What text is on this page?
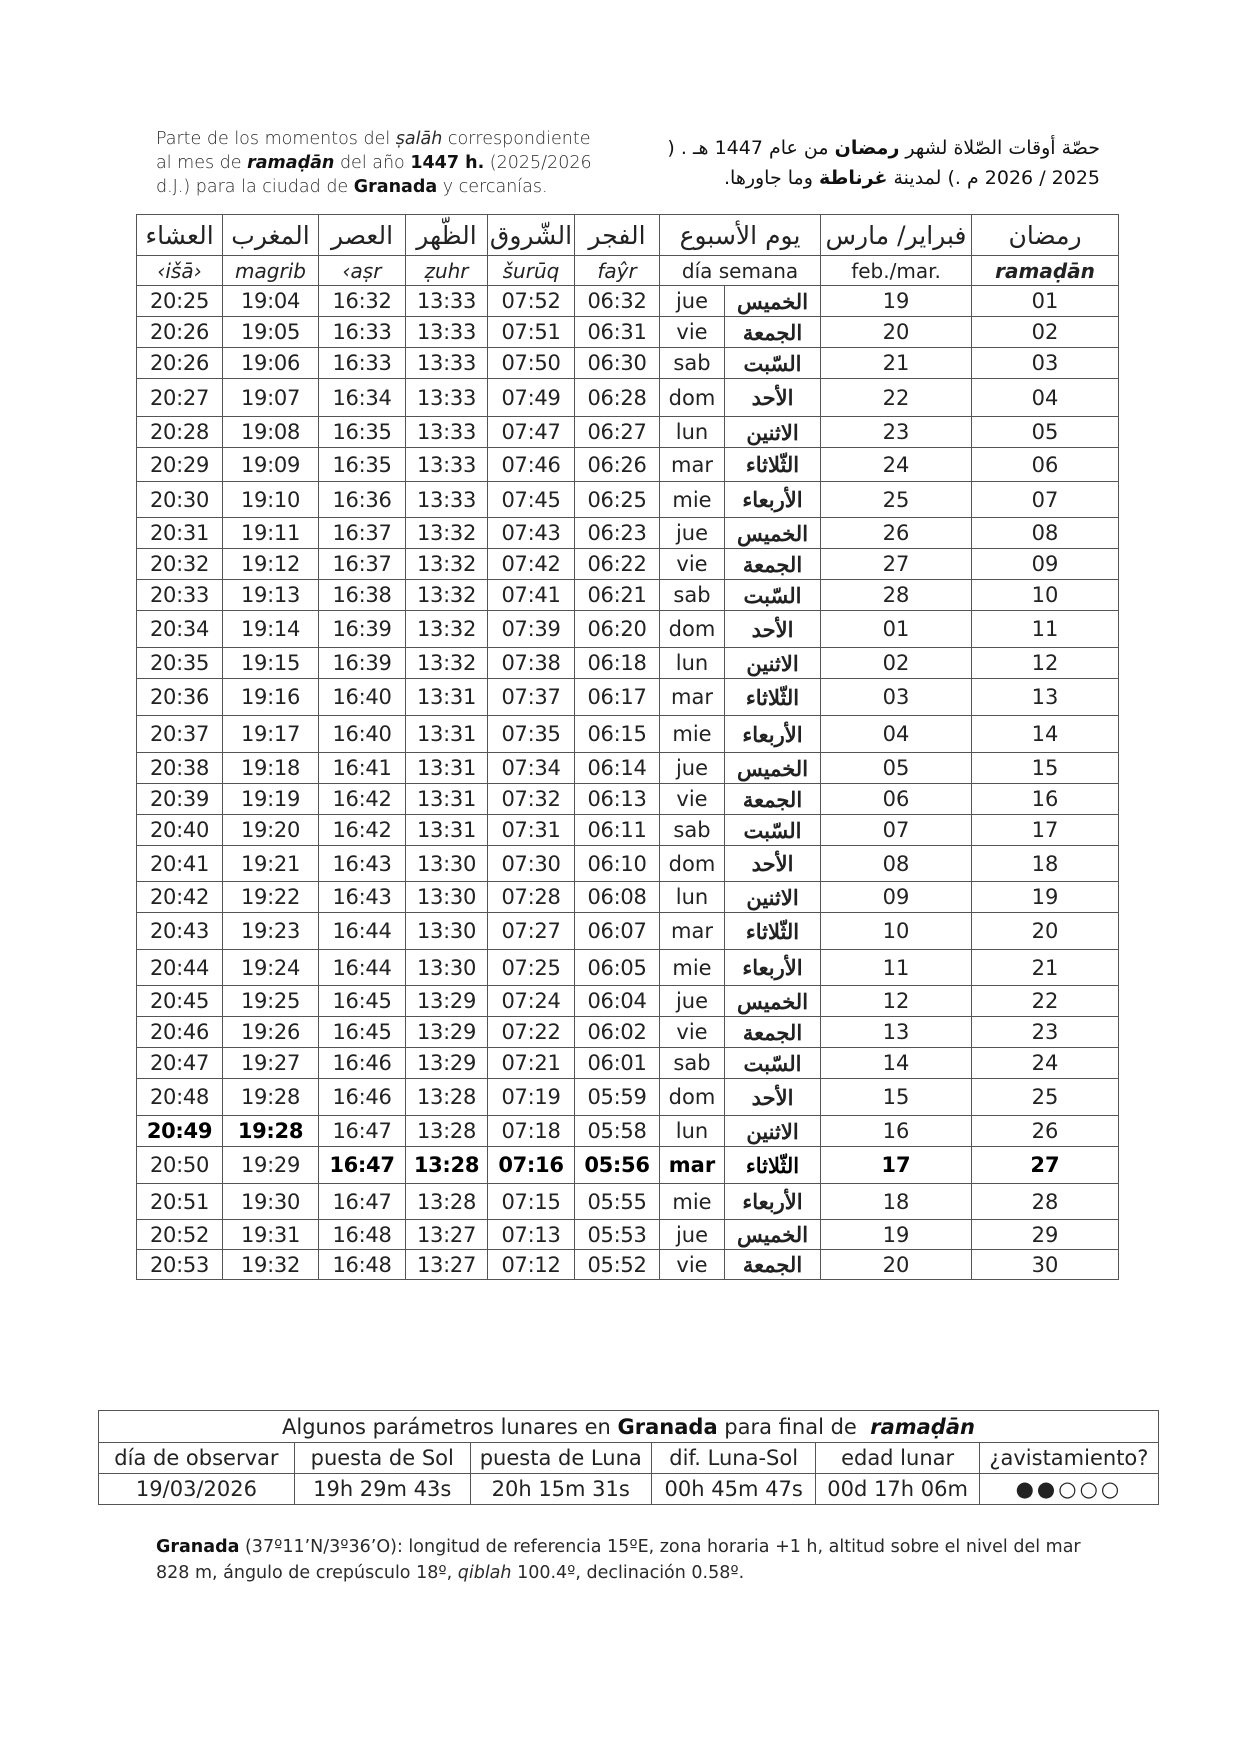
Parte de los momentos del ṣalāh correspondiente al mes de ramaḍān del año 1447 h. (2025/2026 d.J.) para la ciudad de Granada y cercanías.
حصّة أوقات الصّلاة لشهر رمضان من عام 1447 هـ . ( 2025 / 2026 م .) لمدينة غرناطة وما جاورها.
العشاء	المغرب	العصر	الظّهر	الشّروق	الفجر	يوم الأسبوع		فبراير/ مارس	رمضان
‹išā›	magrib	‹aṣr	ẓuhr	šurūq	faŷr	día semana		feb./mar.	ramaḍān
20:25	19:04	16:32	13:33	07:52	06:32	jue	الخميس	19	01
20:26	19:05	16:33	13:33	07:51	06:31	vie	الجمعة	20	02
20:26	19:06	16:33	13:33	07:50	06:30	sab	السّبت	21	03
20:27	19:07	16:34	13:33	07:49	06:28	dom	الأحد	22	04
20:28	19:08	16:35	13:33	07:47	06:27	lun	الاثنين	23	05
20:29	19:09	16:35	13:33	07:46	06:26	mar	الثّلاثاء	24	06
20:30	19:10	16:36	13:33	07:45	06:25	mie	الأربعاء	25	07
20:31	19:11	16:37	13:32	07:43	06:23	jue	الخميس	26	08
20:32	19:12	16:37	13:32	07:42	06:22	vie	الجمعة	27	09
20:33	19:13	16:38	13:32	07:41	06:21	sab	السّبت	28	10
20:34	19:14	16:39	13:32	07:39	06:20	dom	الأحد	01	11
20:35	19:15	16:39	13:32	07:38	06:18	lun	الاثنين	02	12
20:36	19:16	16:40	13:31	07:37	06:17	mar	الثّلاثاء	03	13
20:37	19:17	16:40	13:31	07:35	06:15	mie	الأربعاء	04	14
20:38	19:18	16:41	13:31	07:34	06:14	jue	الخميس	05	15
20:39	19:19	16:42	13:31	07:32	06:13	vie	الجمعة	06	16
20:40	19:20	16:42	13:31	07:31	06:11	sab	السّبت	07	17
20:41	19:21	16:43	13:30	07:30	06:10	dom	الأحد	08	18
20:42	19:22	16:43	13:30	07:28	06:08	lun	الاثنين	09	19
20:43	19:23	16:44	13:30	07:27	06:07	mar	الثّلاثاء	10	20
20:44	19:24	16:44	13:30	07:25	06:05	mie	الأربعاء	11	21
20:45	19:25	16:45	13:29	07:24	06:04	jue	الخميس	12	22
20:46	19:26	16:45	13:29	07:22	06:02	vie	الجمعة	13	23
20:47	19:27	16:46	13:29	07:21	06:01	sab	السّبت	14	24
20:48	19:28	16:46	13:28	07:19	05:59	dom	الأحد	15	25
20:49	19:28	16:47	13:28	07:18	05:58	lun	الاثنين	16	26
20:50	19:29	16:47	13:28	07:16	05:56	mar	الثّلاثاء	17	27
20:51	19:30	16:47	13:28	07:15	05:55	mie	الأربعاء	18	28
20:52	19:31	16:48	13:27	07:13	05:53	jue	الخميس	19	29
20:53	19:32	16:48	13:27	07:12	05:52	vie	الجمعة	20	30
Algunos parámetros lunares en Granada para final de  ramaḍān					
día de observar	puesta de Sol	puesta de Luna	dif. Luna-Sol	edad lunar	¿avistamiento?
19/03/2026	19h 29m 43s	20h 15m 31s	00h 45m 47s	00d 17h 06m	●●○○○
Granada (37º11’N/3º36’O): longitud de referencia 15ºE, zona horaria +1 h, altitud sobre el nivel del mar 828 m, ángulo de crepúsculo 18º, qiblah 100.4º, declinación 0.58º.
